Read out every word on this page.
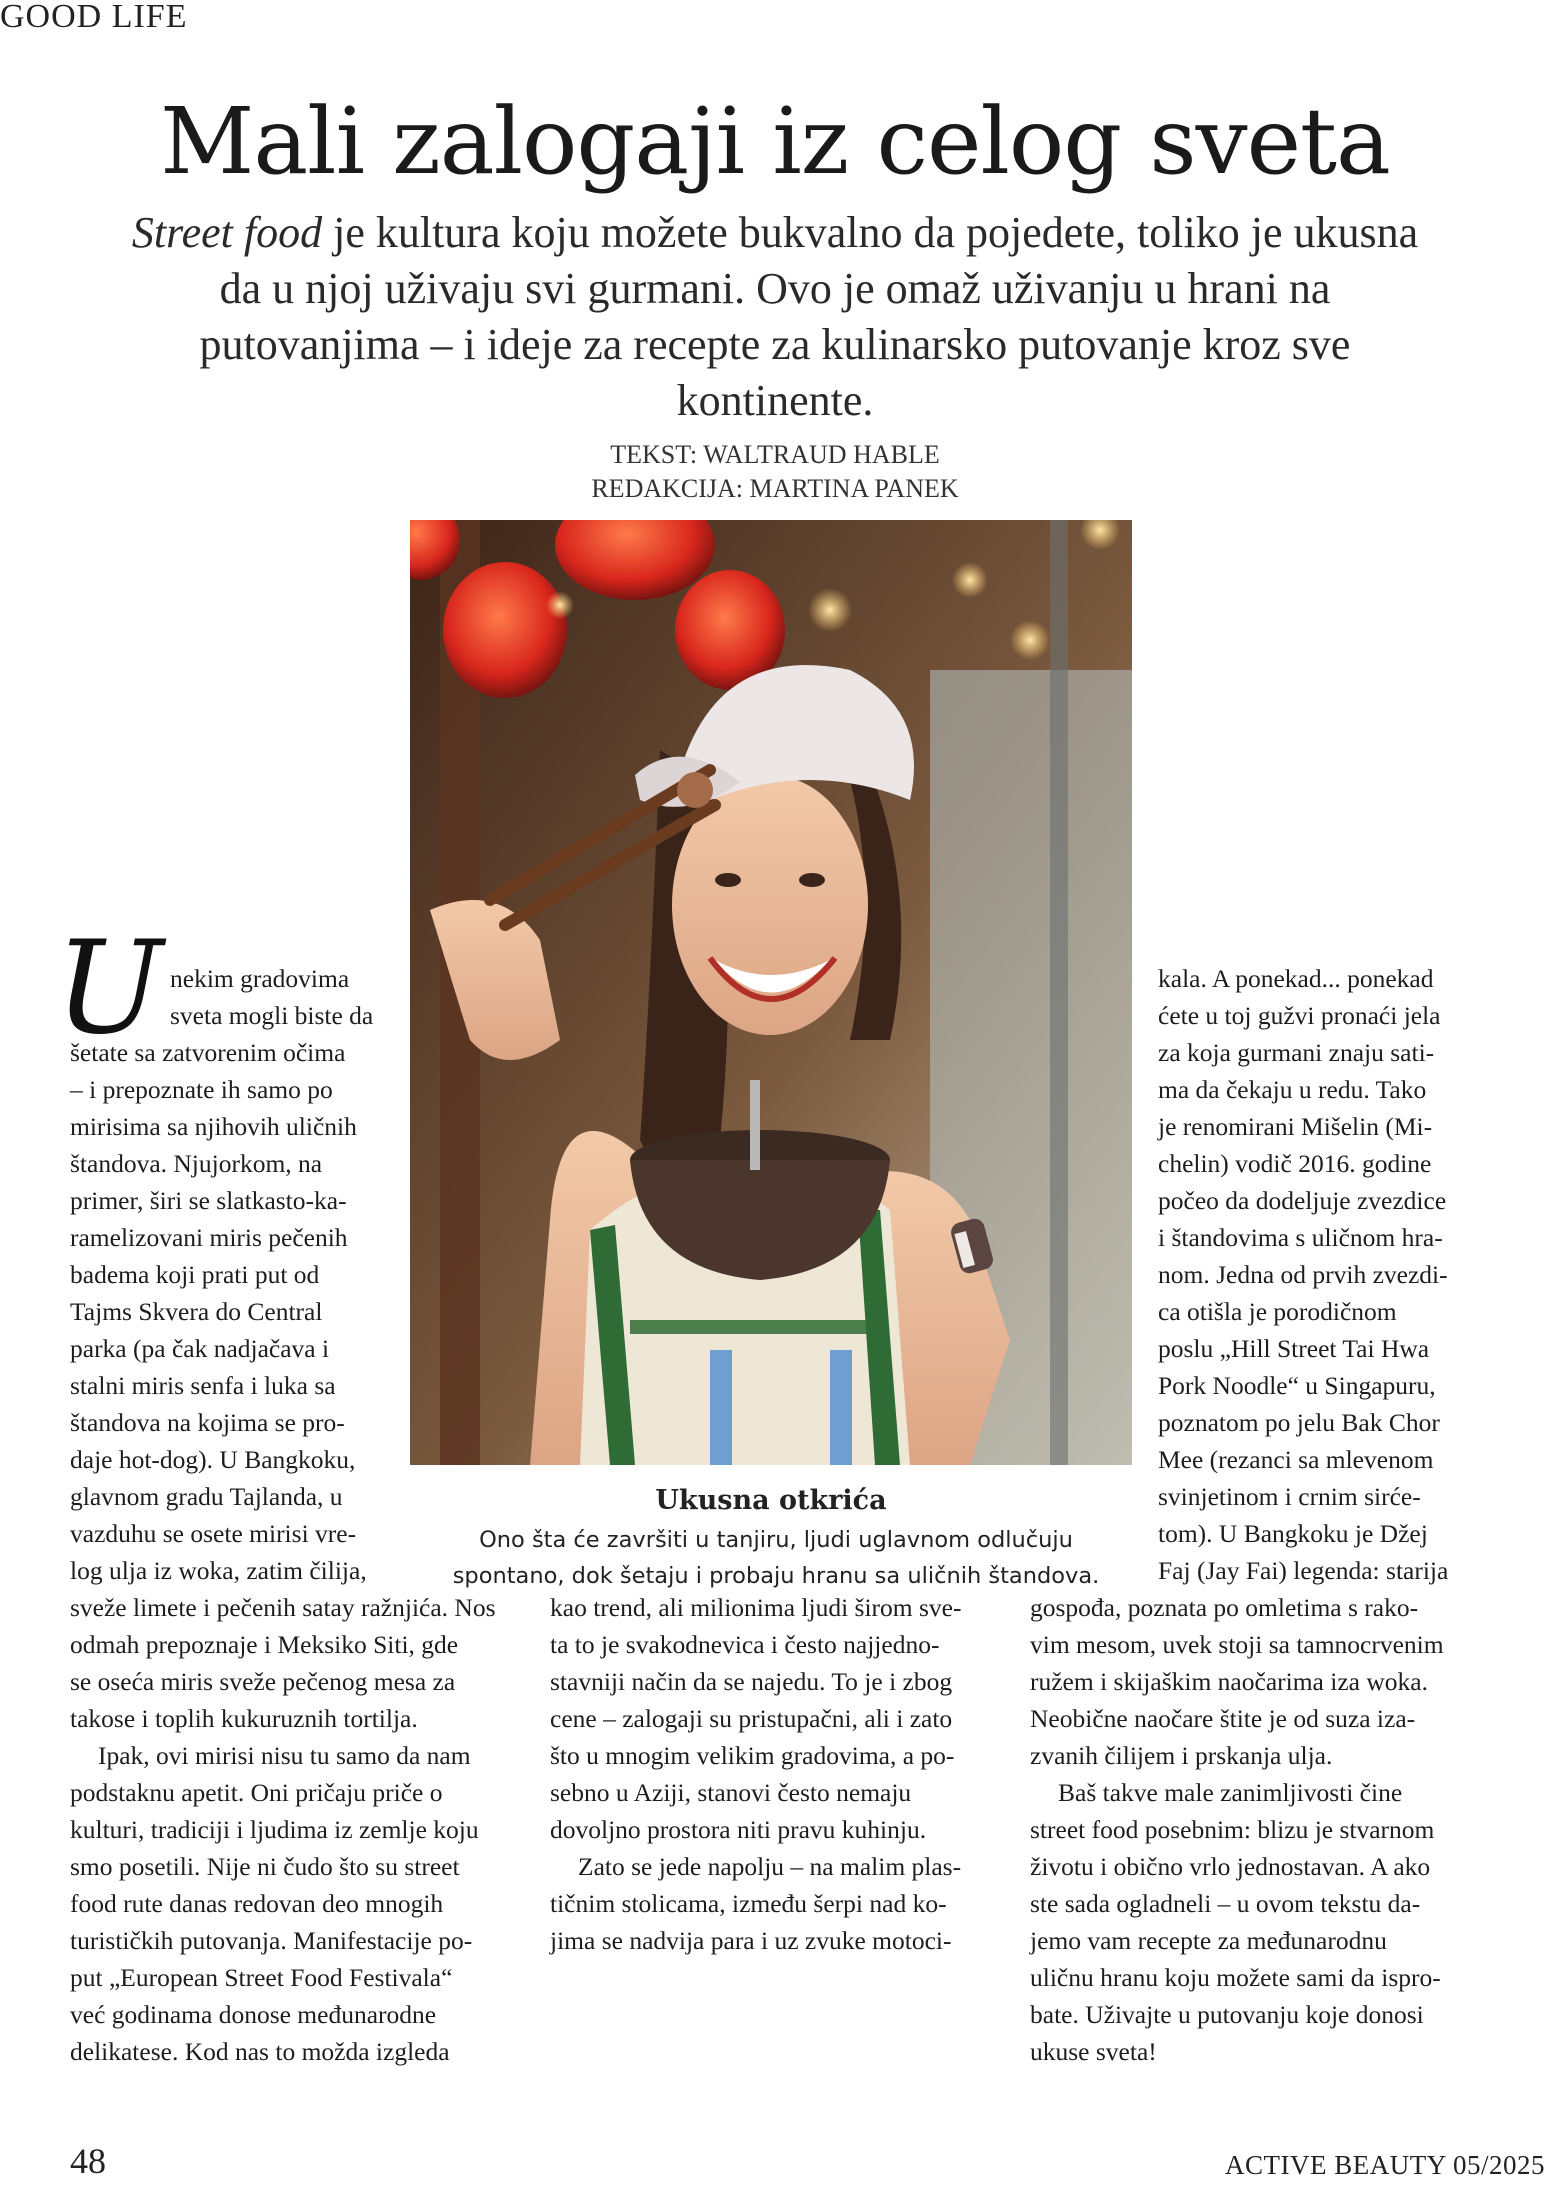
GOOD LIFE
Mali zalogaji iz celog sveta
Street food je kultura koju možete bukvalno da pojedete, toliko je ukusna da u njoj uživaju svi gurmani. Ovo je omaž uživanju u hrani na putovanjima – i ideje za recepte za kulinarsko putovanje kroz sve kontinente.
TEKST: WALTRAUD HABLE
REDAKCIJA: MARTINA PANEK
Ukusna otkrića
Ono šta će završiti u tanjiru, ljudi uglavnom odlučuju spontano, dok šetaju i probaju hranu sa uličnih štandova.
U nekim gradovima

sveta mogli biste da

šetate sa zatvorenim očima

– i prepoznate ih samo po

mirisima sa njihovih uličnih

štandova. Njujorkom, na

primer, širi se slatkasto-ka-

ramelizovani miris pečenih

badema koji prati put od

Tajms Skvera do Central

parka (pa čak nadjačava i

stalni miris senfa i luka sa

štandova na kojima se pro-

daje hot-dog). U Bangkoku,

glavnom gradu Tajlanda, u

vazduhu se osete mirisi vre-

log ulja iz woka, zatim čilija,

sveže limete i pečenih satay ražnjića. Nos

odmah prepoznaje i Meksiko Siti, gde

se oseća miris sveže pečenog mesa za

takose i toplih kukuruznih tortilja.

Ipak, ovi mirisi nisu tu samo da nam

podstaknu apetit. Oni pričaju priče o

kulturi, tradiciji i ljudima iz zemlje koju

smo posetili. Nije ni čudo što su street

food rute danas redovan deo mnogih

turističkih putovanja. Manifestacije po-

put „European Street Food Festivala“

već godinama donose međunarodne

delikatese. Kod nas to možda izgleda

kao trend, ali milionima ljudi širom sve-

ta to je svakodnevica i često najjedno-

stavniji način da se najedu. To je i zbog

cene – zalogaji su pristupačni, ali i zato

što u mnogim velikim gradovima, a po-

sebno u Aziji, stanovi često nemaju

dovoljno prostora niti pravu kuhinju.

Zato se jede napolju – na malim plas-

tičnim stolicama, između šerpi nad ko-

jima se nadvija para i uz zvuke motoci-

kala. A ponekad... ponekad

ćete u toj gužvi pronaći jela

za koja gurmani znaju sati-

ma da čekaju u redu. Tako

je renomirani Mišelin (Mi-

chelin) vodič 2016. godine

počeo da dodeljuje zvezdice

i štandovima s uličnom hra-

nom. Jedna od prvih zvezdi-

ca otišla je porodičnom

poslu „Hill Street Tai Hwa

Pork Noodle“ u Singapuru,

poznatom po jelu Bak Chor

Mee (rezanci sa mlevenom

svinjetinom i crnim sirće-

tom). U Bangkoku je Džej

Faj (Jay Fai) legenda: starija

gospođa, poznata po omletima s rako-

vim mesom, uvek stoji sa tamnocrvenim

ružem i skijaškim naočarima iza woka.

Neobične naočare štite je od suza iza-

zvanih čilijem i prskanja ulja.

Baš takve male zanimljivosti čine

street food posebnim: blizu je stvarnom

životu i obično vrlo jednostavan. A ako

ste sada ogladneli – u ovom tekstu da-

jemo vam recepte za međunarodnu

uličnu hranu koju možete sami da ispro-

bate. Uživajte u putovanju koje donosi

ukuse sveta!

48	ACTIVE BEAUTY 05/2025
